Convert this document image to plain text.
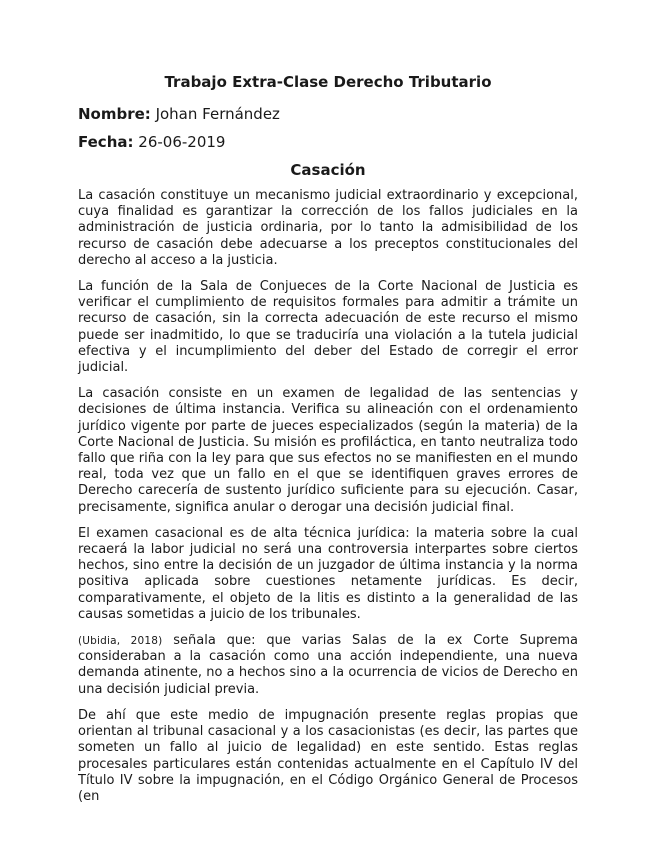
Trabajo Extra-Clase Derecho Tributario
Nombre: Johan Fernández
Fecha: 26-06-2019
Casación

La casación constituye un mecanismo judicial extraordinario y excepcional, cuya finalidad es garantizar la corrección de los fallos judiciales en la administración de justicia ordinaria, por lo tanto la admisibilidad de los recurso de casación debe adecuarse a los preceptos constitucionales del derecho al acceso a la justicia.

La función de la Sala de Conjueces de la Corte Nacional de Justicia es verificar el cumplimiento de requisitos formales para admitir a trámite un recurso de casación, sin la correcta adecuación de este recurso el mismo puede ser inadmitido, lo que se traduciría una violación a la tutela judicial efectiva y el incumplimiento del deber del Estado de corregir el error judicial.

La casación consiste en un examen de legalidad de las sentencias y decisiones de última instancia. Verifica su alineación con el ordenamiento jurídico vigente por parte de jueces especializados (según la materia) de la Corte Nacional de Justicia. Su misión es profiláctica, en tanto neutraliza todo fallo que riña con la ley para que sus efectos no se manifiesten en el mundo real, toda vez que un fallo en el que se identifiquen graves errores de Derecho carecería de sustento jurídico suficiente para su ejecución. Casar, precisamente, significa anular o derogar una decisión judicial final.

El examen casacional es de alta técnica jurídica: la materia sobre la cual recaerá la labor judicial no será una controversia interpartes sobre ciertos hechos, sino entre la decisión de un juzgador de última instancia y la norma positiva aplicada sobre cuestiones netamente jurídicas. Es decir, comparativamente, el objeto de la litis es distinto a la generalidad de las causas sometidas a juicio de los tribunales.

(Ubidia, 2018) señala que: que varias Salas de la ex Corte Suprema consideraban a la casación como una acción independiente, una nueva demanda atinente, no a hechos sino a la ocurrencia de vicios de Derecho en una decisión judicial previa.

De ahí que este medio de impugnación presente reglas propias que orientan al tribunal casacional y a los casacionistas (es decir, las partes que someten un fallo al juicio de legalidad) en este sentido. Estas reglas procesales particulares están contenidas actualmente en el Capítulo IV del Título IV sobre la impugnación, en el Código Orgánico General de Procesos (en
